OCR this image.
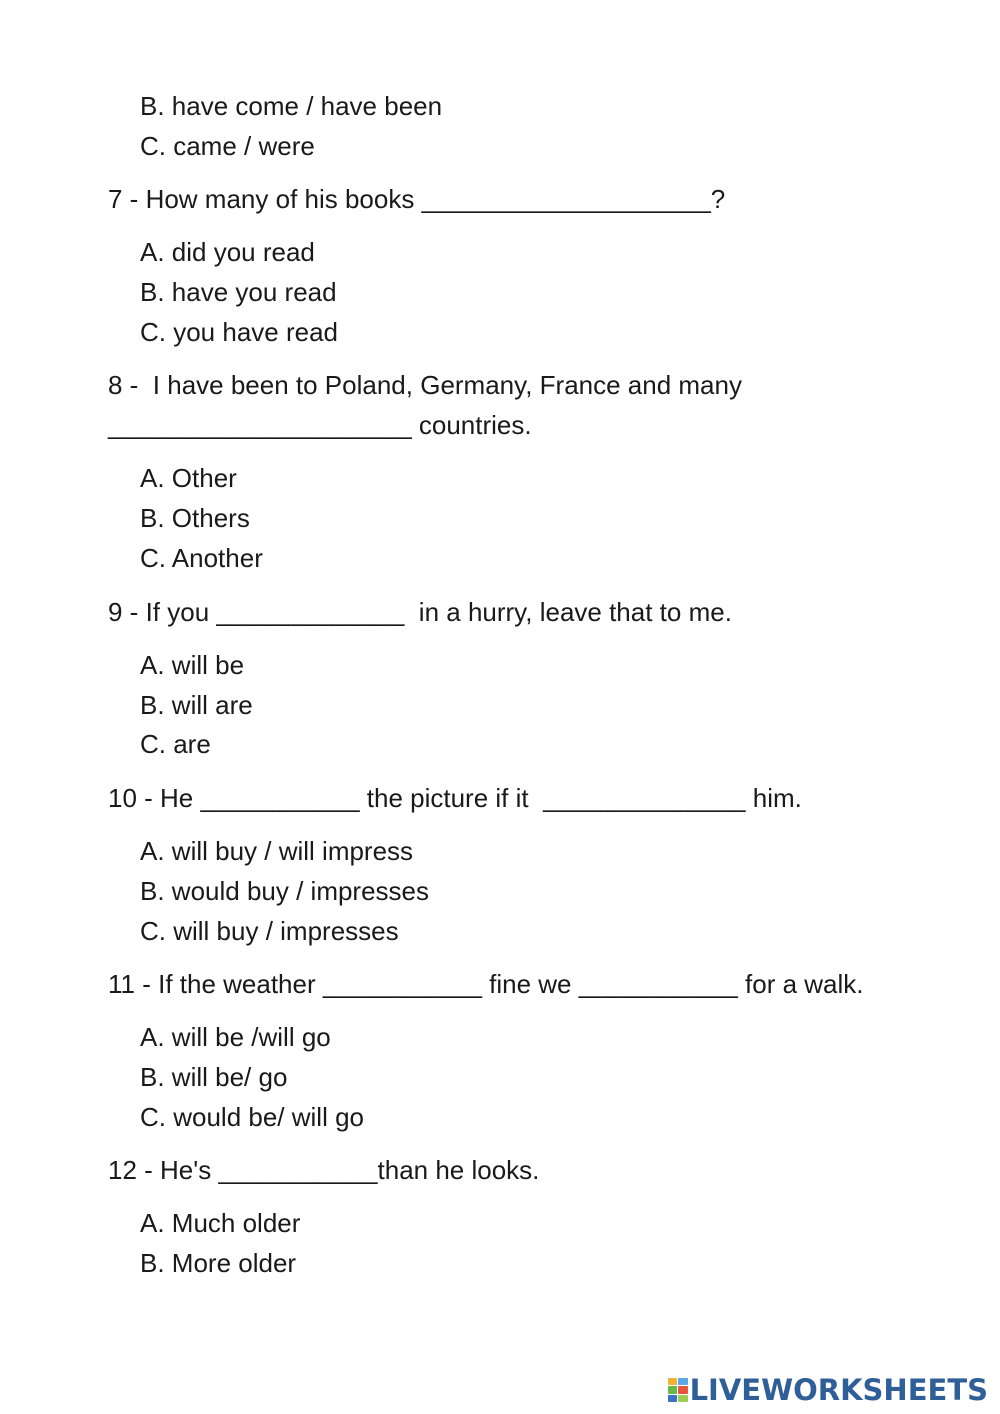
B. have come / have been

C. came / were

7 - How many of his books ____________________?

A. did you read

B. have you read

C. you have read

8 -  I have been to Poland, Germany, France and many

_____________________ countries.

A. Other

B. Others

C. Another

9 - If you _____________  in a hurry, leave that to me.

A. will be

B. will are

C. are

10 - He ___________ the picture if it  ______________ him.

A. will buy / will impress

B. would buy / impresses

C. will buy / impresses

11 - If the weather ___________ fine we ___________ for a walk.

A. will be /will go

B. will be/ go

C. would be/ will go

12 - He's ___________than he looks.

A. Much older

B. More older

LIVEWORKSHEETS
